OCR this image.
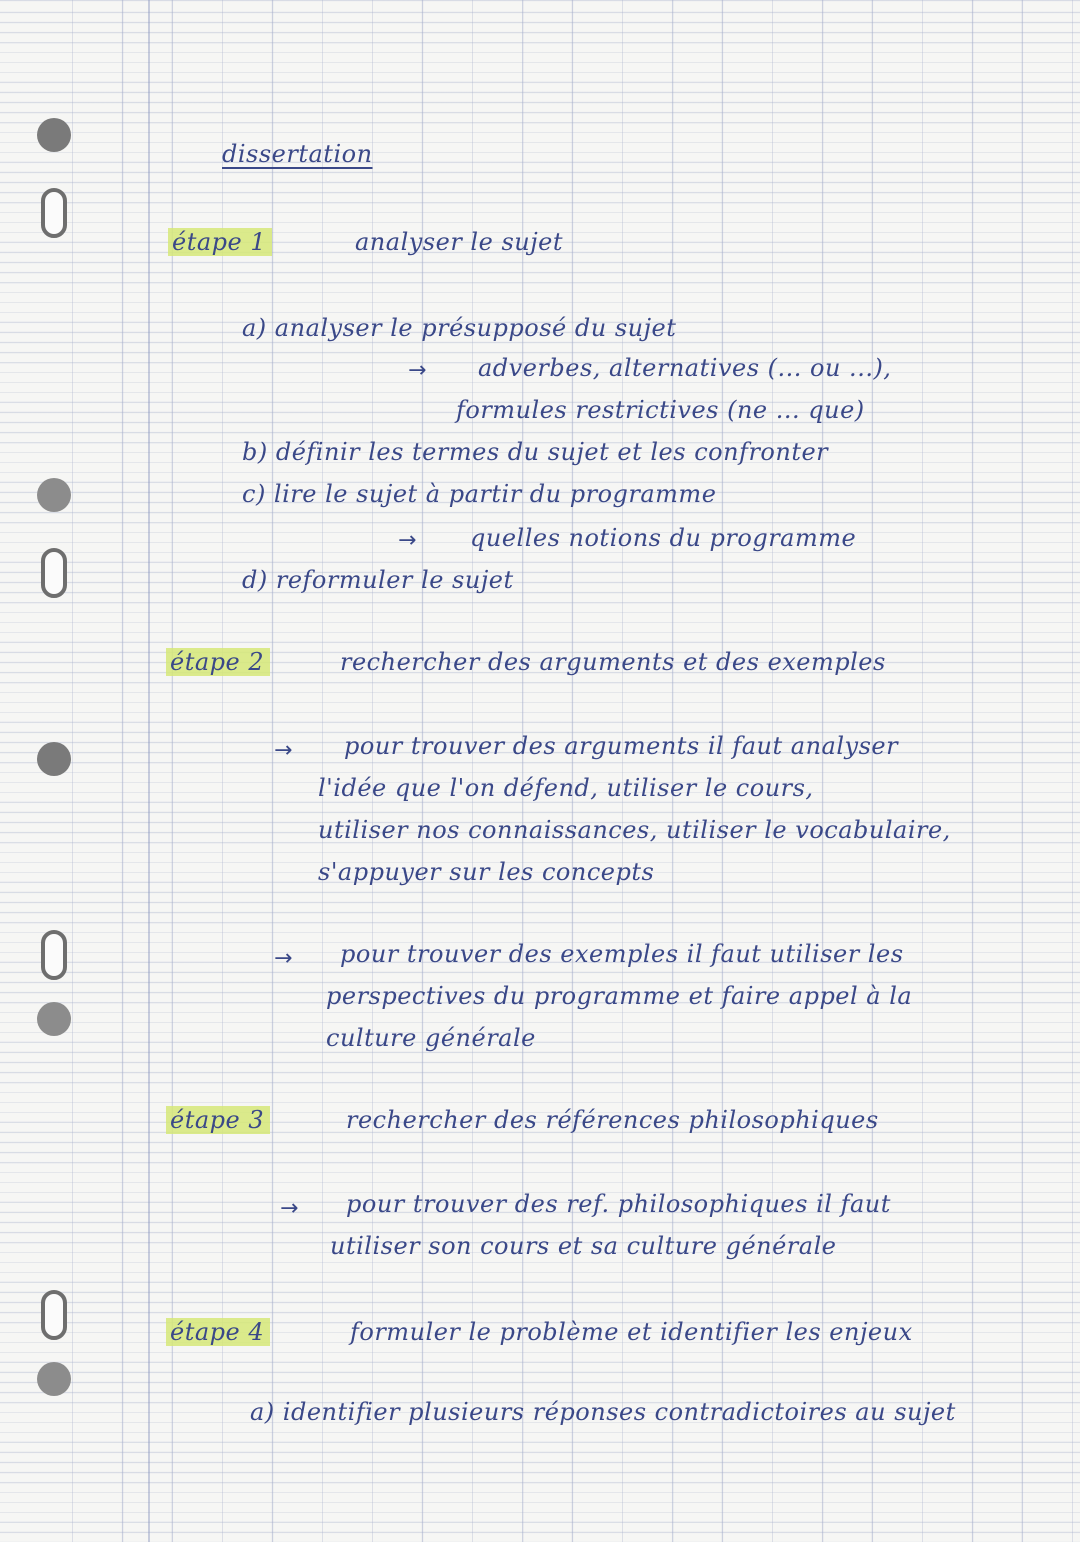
dissertation
étape 1	analyser le sujet
a) analyser le présupposé du sujet
→ adverbes, alternatives (... ou ...),
formules restrictives (ne ... que)
b) définir les termes du sujet et les confronter
c) lire le sujet à partir du programme
→ quelles notions du programme
d) reformuler le sujet
étape 2	rechercher des arguments et des exemples
→ pour trouver des arguments il faut analyser
l'idée que l'on défend, utiliser le cours,
utiliser nos connaissances, utiliser le vocabulaire,
s'appuyer sur les concepts
→ pour trouver des exemples il faut utiliser les
perspectives du programme et faire appel à la
culture générale
étape 3	rechercher des références philosophiques
→ pour trouver des ref. philosophiques il faut
utiliser son cours et sa culture générale
étape 4	formuler le problème et identifier les enjeux
a) identifier plusieurs réponses contradictoires au sujet
